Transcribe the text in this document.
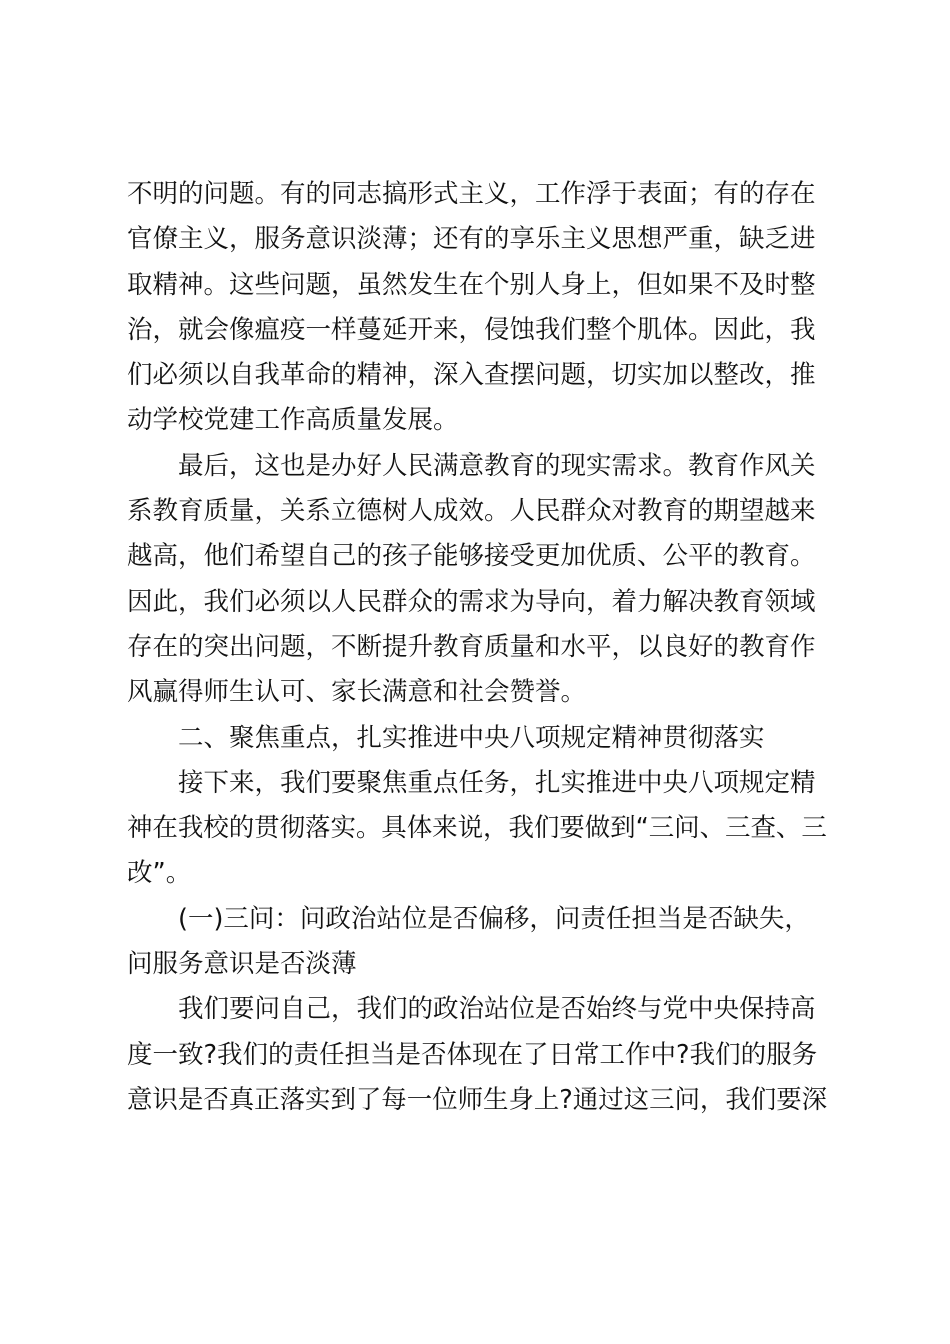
不明的问题。有的同志搞形式主义，工作浮于表面；有的存在
官僚主义，服务意识淡薄；还有的享乐主义思想严重，缺乏进
取精神。这些问题，虽然发生在个别人身上，但如果不及时整
治，就会像瘟疫一样蔓延开来，侵蚀我们整个肌体。因此，我
们必须以自我革命的精神，深入查摆问题，切实加以整改，推
动学校党建工作高质量发展。
最后，这也是办好人民满意教育的现实需求。教育作风关
系教育质量，关系立德树人成效。人民群众对教育的期望越来
越高，他们希望自己的孩子能够接受更加优质、公平的教育。
因此，我们必须以人民群众的需求为导向，着力解决教育领域
存在的突出问题，不断提升教育质量和水平，以良好的教育作
风赢得师生认可、家长满意和社会赞誉。
二、聚焦重点，扎实推进中央八项规定精神贯彻落实
接下来，我们要聚焦重点任务，扎实推进中央八项规定精
神在我校的贯彻落实。具体来说，我们要做到“三问、三查、三
改”。
(一)三问：问政治站位是否偏移，问责任担当是否缺失，
问服务意识是否淡薄
我们要问自己，我们的政治站位是否始终与党中央保持高
度一致?我们的责任担当是否体现在了日常工作中?我们的服务
意识是否真正落实到了每一位师生身上?通过这三问，我们要深
